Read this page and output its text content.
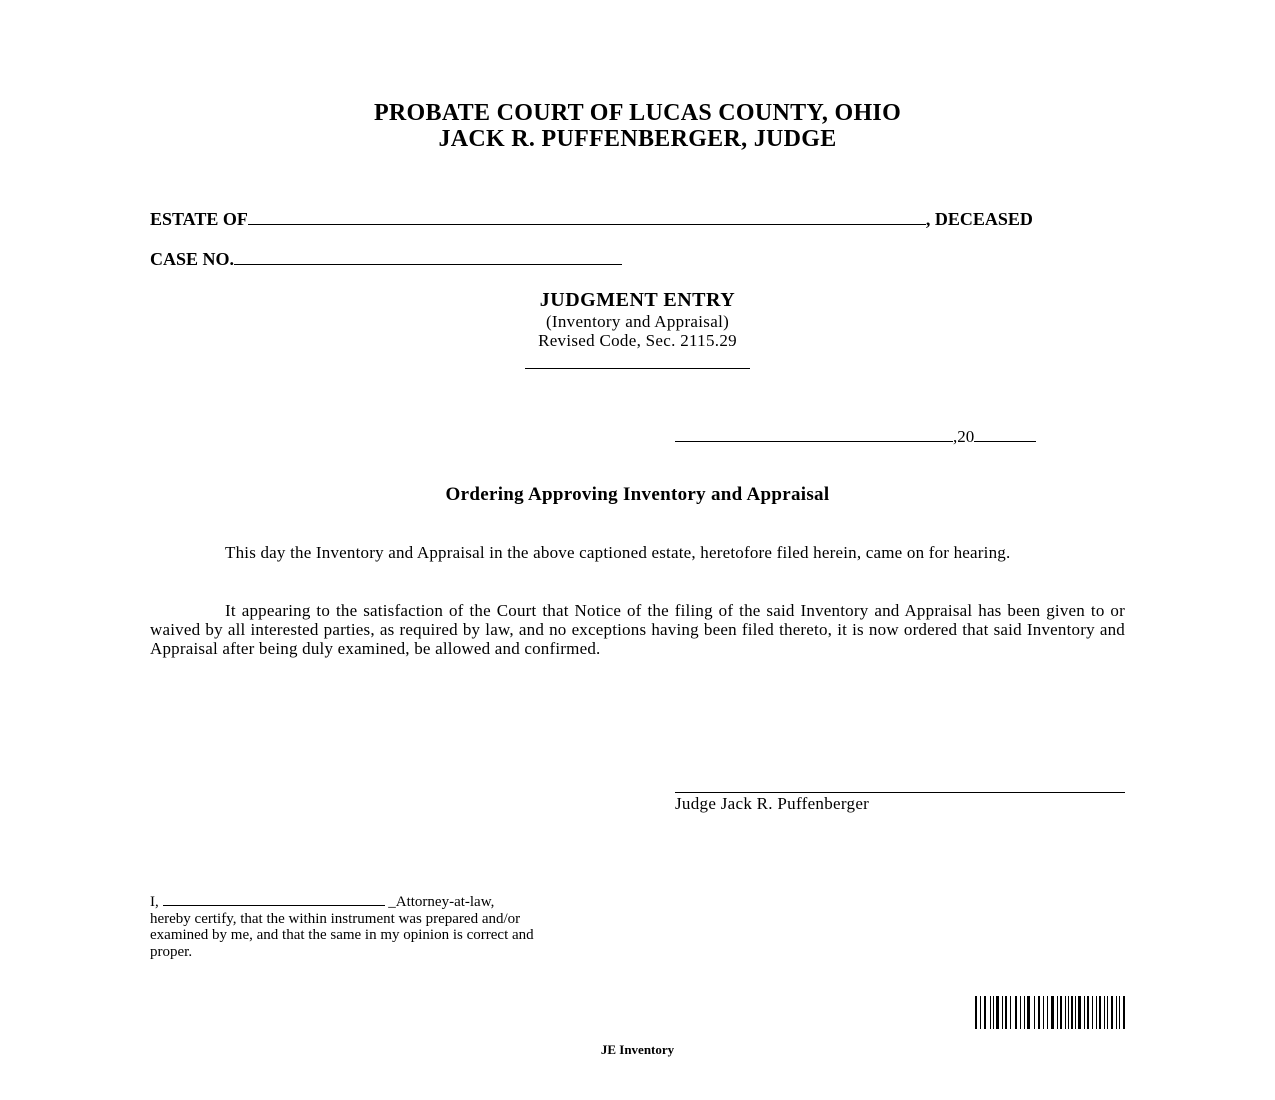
PROBATE COURT OF LUCAS COUNTY, OHIO
JACK R. PUFFENBERGER, JUDGE
ESTATE OF	, DECEASED
CASE NO.
JUDGMENT ENTRY
(Inventory and Appraisal)
Revised Code, Sec. 2115.29
,20
Ordering Approving Inventory and Appraisal
This day the Inventory and Appraisal in the above captioned estate, heretofore filed herein, came on for hearing.
It appearing to the satisfaction of the Court that Notice of the filing of the said Inventory and Appraisal has been given to or waived by all interested parties, as required by law, and no exceptions having been filed thereto, it is now ordered that said Inventory and Appraisal after being duly examined, be allowed and confirmed.
Judge Jack R. Puffenberger
I,	_Attorney-at-law, hereby certify, that the within instrument was prepared and/or examined by me, and that the same in my opinion is correct and proper.
JE Inventory
